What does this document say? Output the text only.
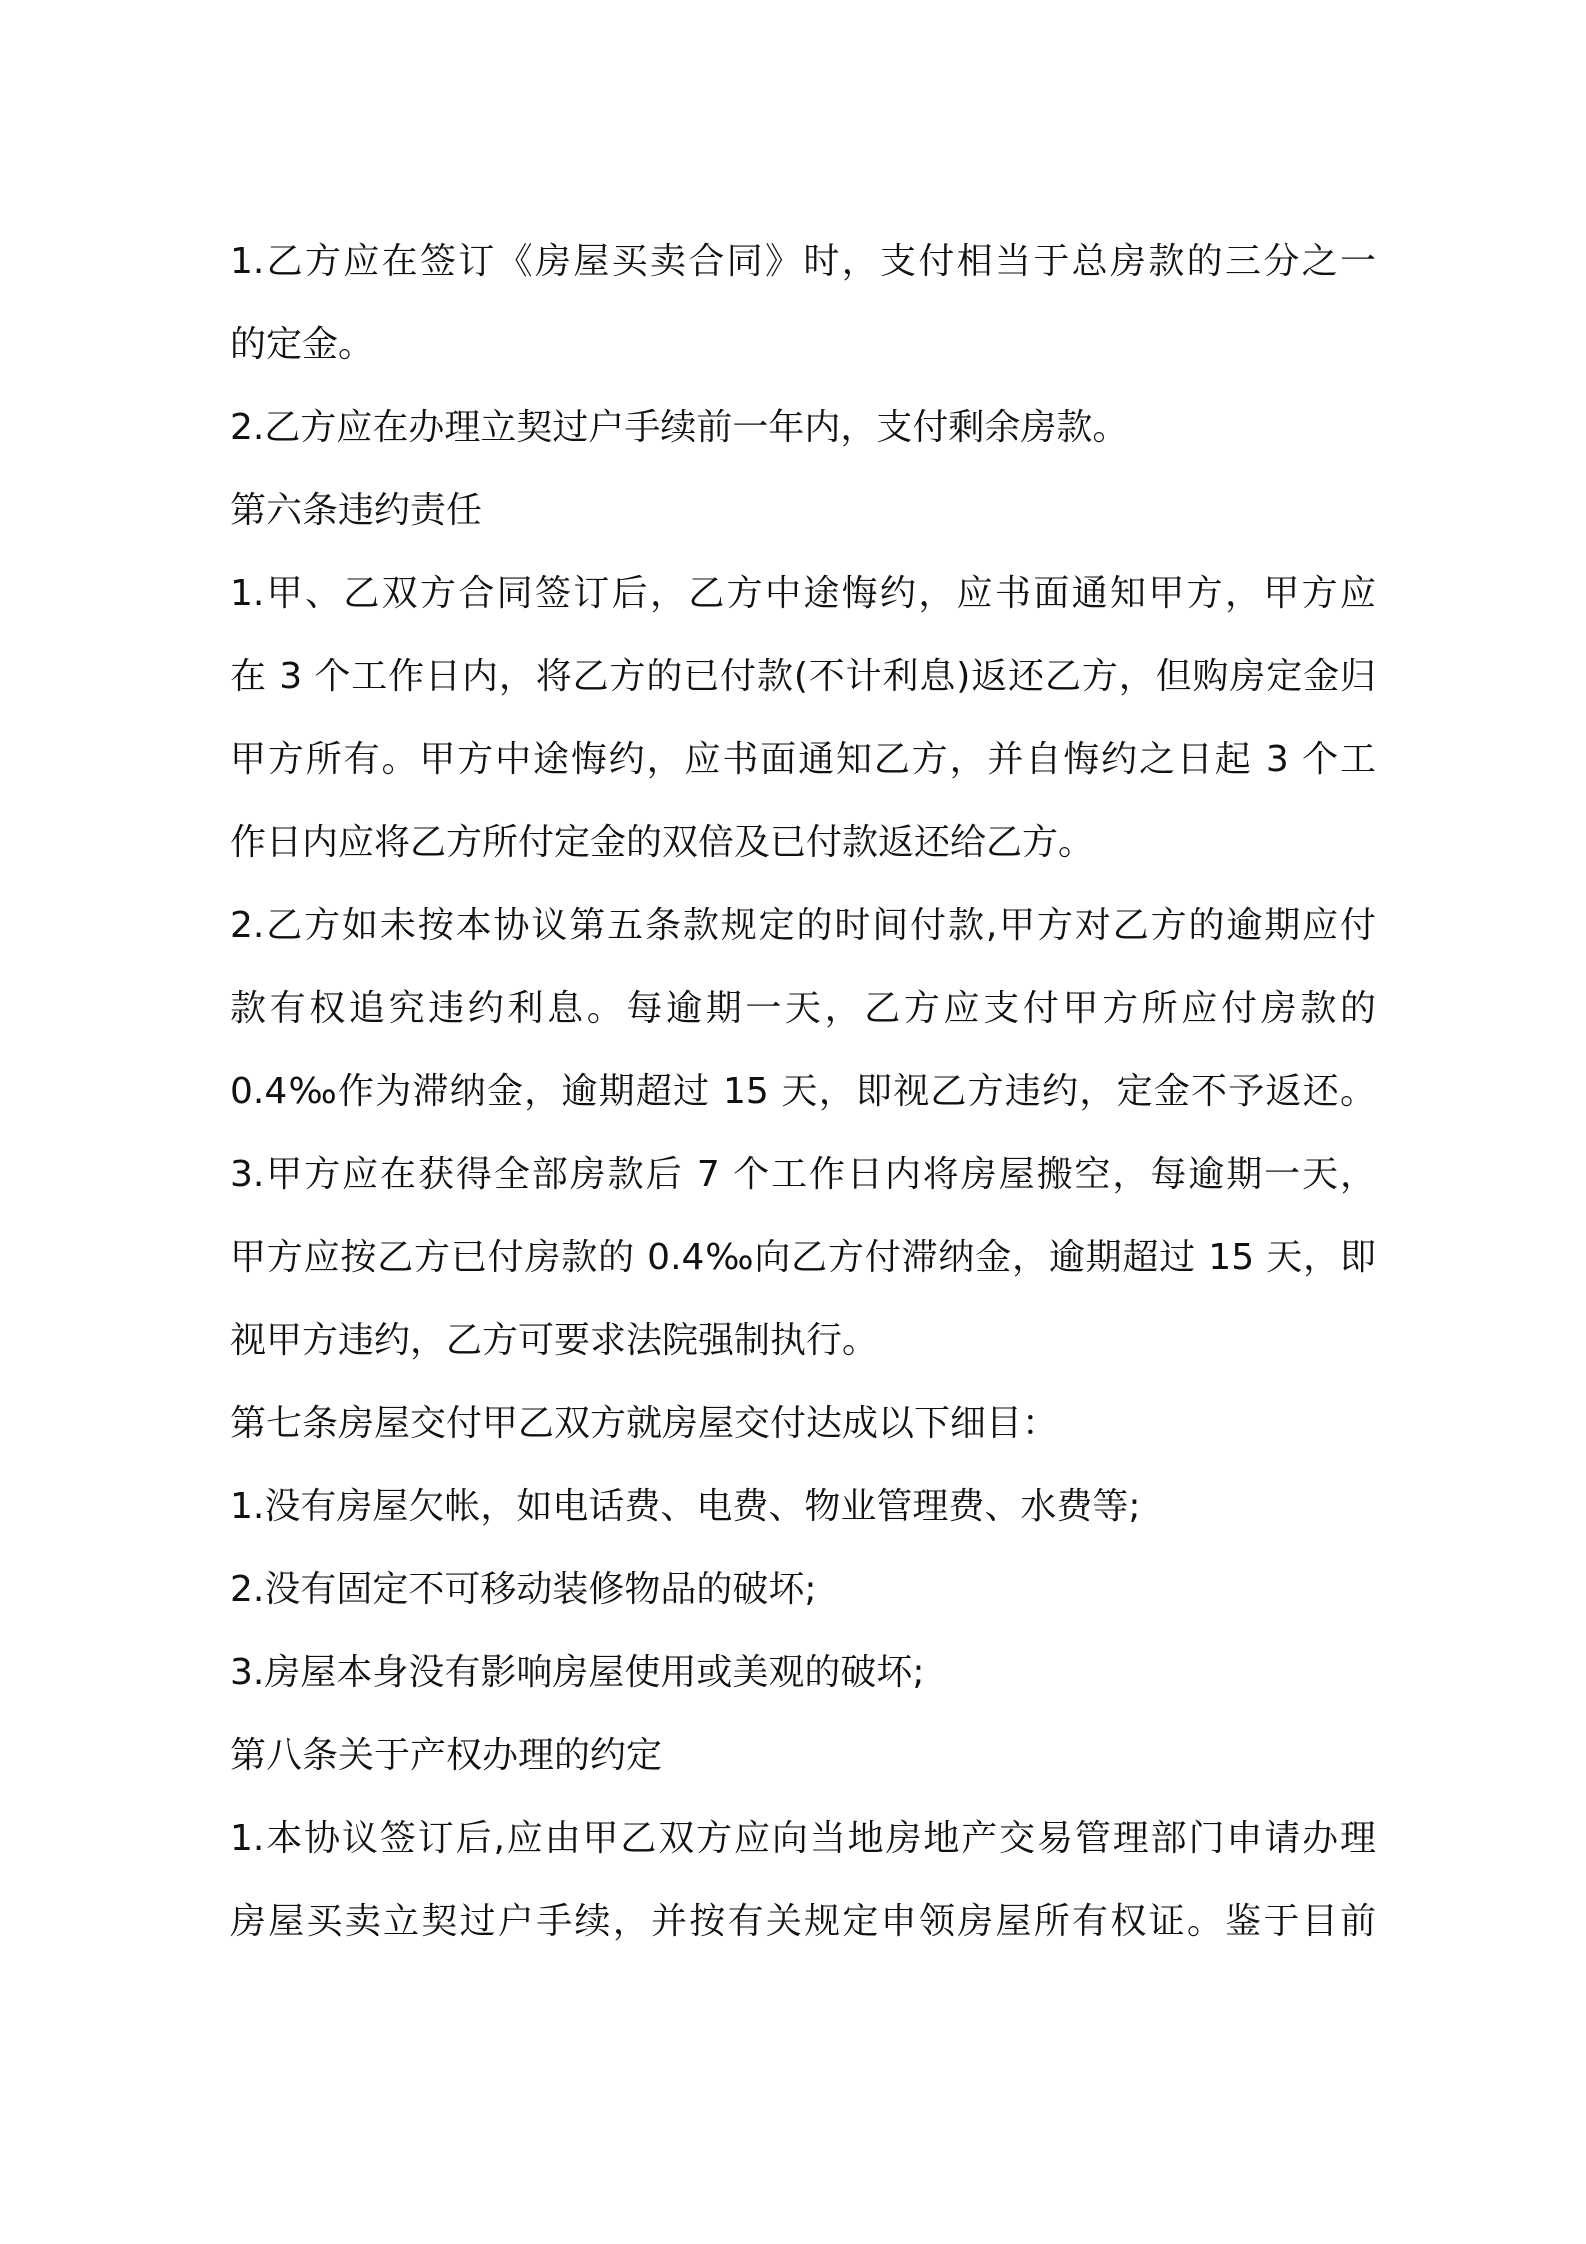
1.乙方应在签订《房屋买卖合同》时，支付相当于总房款的三分之一
的定金。
2.乙方应在办理立契过户手续前一年内，支付剩余房款。
第六条违约责任
1.甲、乙双方合同签订后，乙方中途悔约，应书面通知甲方，甲方应
在 3 个工作日内，将乙方的已付款(不计利息)返还乙方，但购房定金归
甲方所有。甲方中途悔约，应书面通知乙方，并自悔约之日起 3 个工
作日内应将乙方所付定金的双倍及已付款返还给乙方。
2.乙方如未按本协议第五条款规定的时间付款,甲方对乙方的逾期应付
款有权追究违约利息。每逾期一天，乙方应支付甲方所应付房款的
0.4‰作为滞纳金，逾期超过 15 天，即视乙方违约，定金不予返还。
3.甲方应在获得全部房款后 7 个工作日内将房屋搬空，每逾期一天，
甲方应按乙方已付房款的 0.4‰向乙方付滞纳金，逾期超过 15 天，即
视甲方违约，乙方可要求法院强制执行。
第七条房屋交付甲乙双方就房屋交付达成以下细目：
1.没有房屋欠帐，如电话费、电费、物业管理费、水费等;
2.没有固定不可移动装修物品的破坏;
3.房屋本身没有影响房屋使用或美观的破坏;
第八条关于产权办理的约定
1.本协议签订后,应由甲乙双方应向当地房地产交易管理部门申请办理
房屋买卖立契过户手续，并按有关规定申领房屋所有权证。鉴于目前
